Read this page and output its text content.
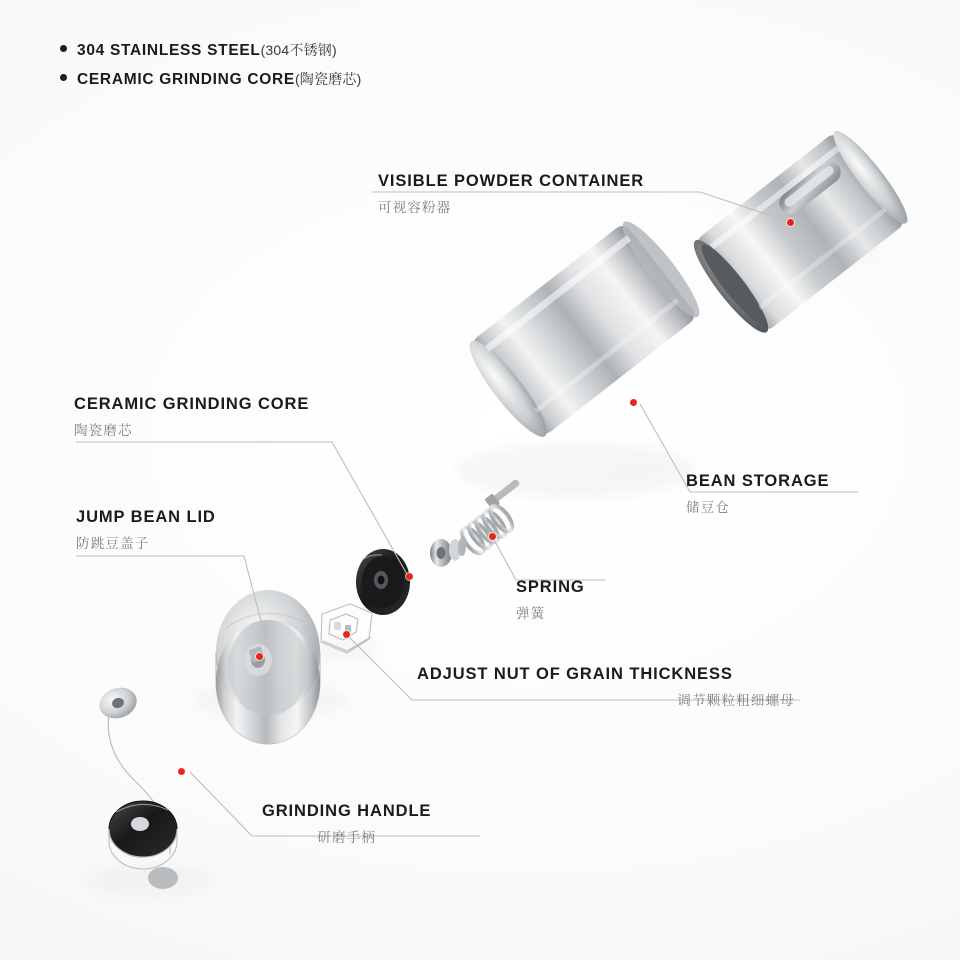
304 STAINLESS STEEL (304不锈钢)
CERAMIC GRINDING CORE (陶瓷磨芯)
VISIBLE POWDER CONTAINER
可视容粉器
BEAN STORAGE
储豆仓
CERAMIC GRINDING CORE
陶瓷磨芯
JUMP BEAN LID
防跳豆盖子
SPRING
弹簧
ADJUST NUT OF GRAIN THICKNESS
调节颗粒粗细螺母
GRINDING HANDLE
研磨手柄
